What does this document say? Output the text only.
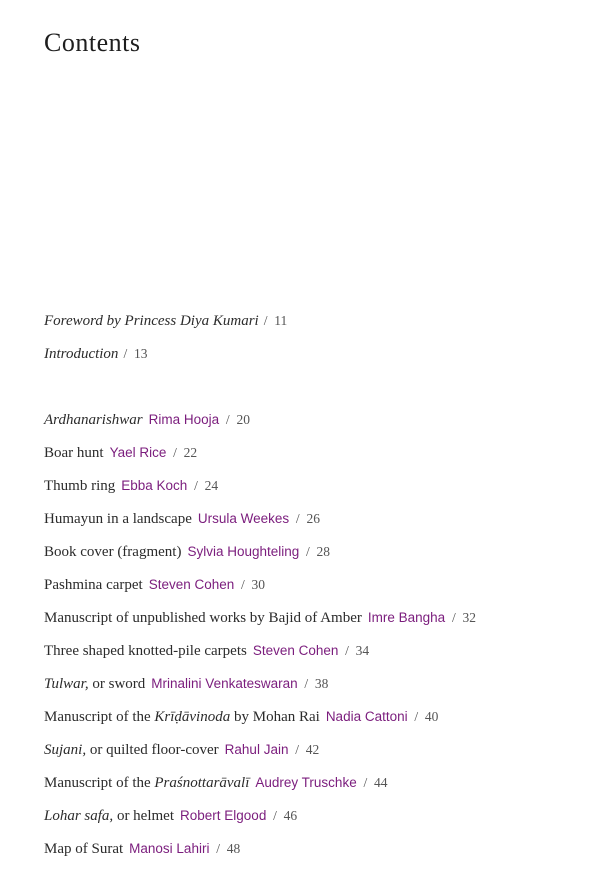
Contents
Foreword by Princess Diya Kumari / 11
Introduction / 13
Ardhanarishwar Rima Hooja / 20
Boar hunt Yael Rice / 22
Thumb ring Ebba Koch / 24
Humayun in a landscape Ursula Weekes / 26
Book cover (fragment) Sylvia Houghteling / 28
Pashmina carpet Steven Cohen / 30
Manuscript of unpublished works by Bajid of Amber Imre Bangha / 32
Three shaped knotted-pile carpets Steven Cohen / 34
Tulwar, or sword Mrinalini Venkateswaran / 38
Manuscript of the Krīḍāvinoda by Mohan Rai Nadia Cattoni / 40
Sujani, or quilted floor-cover Rahul Jain / 42
Manuscript of the Praśnottarāvalī Audrey Truschke / 44
Lohar safa, or helmet Robert Elgood / 46
Map of Surat Manosi Lahiri / 48
